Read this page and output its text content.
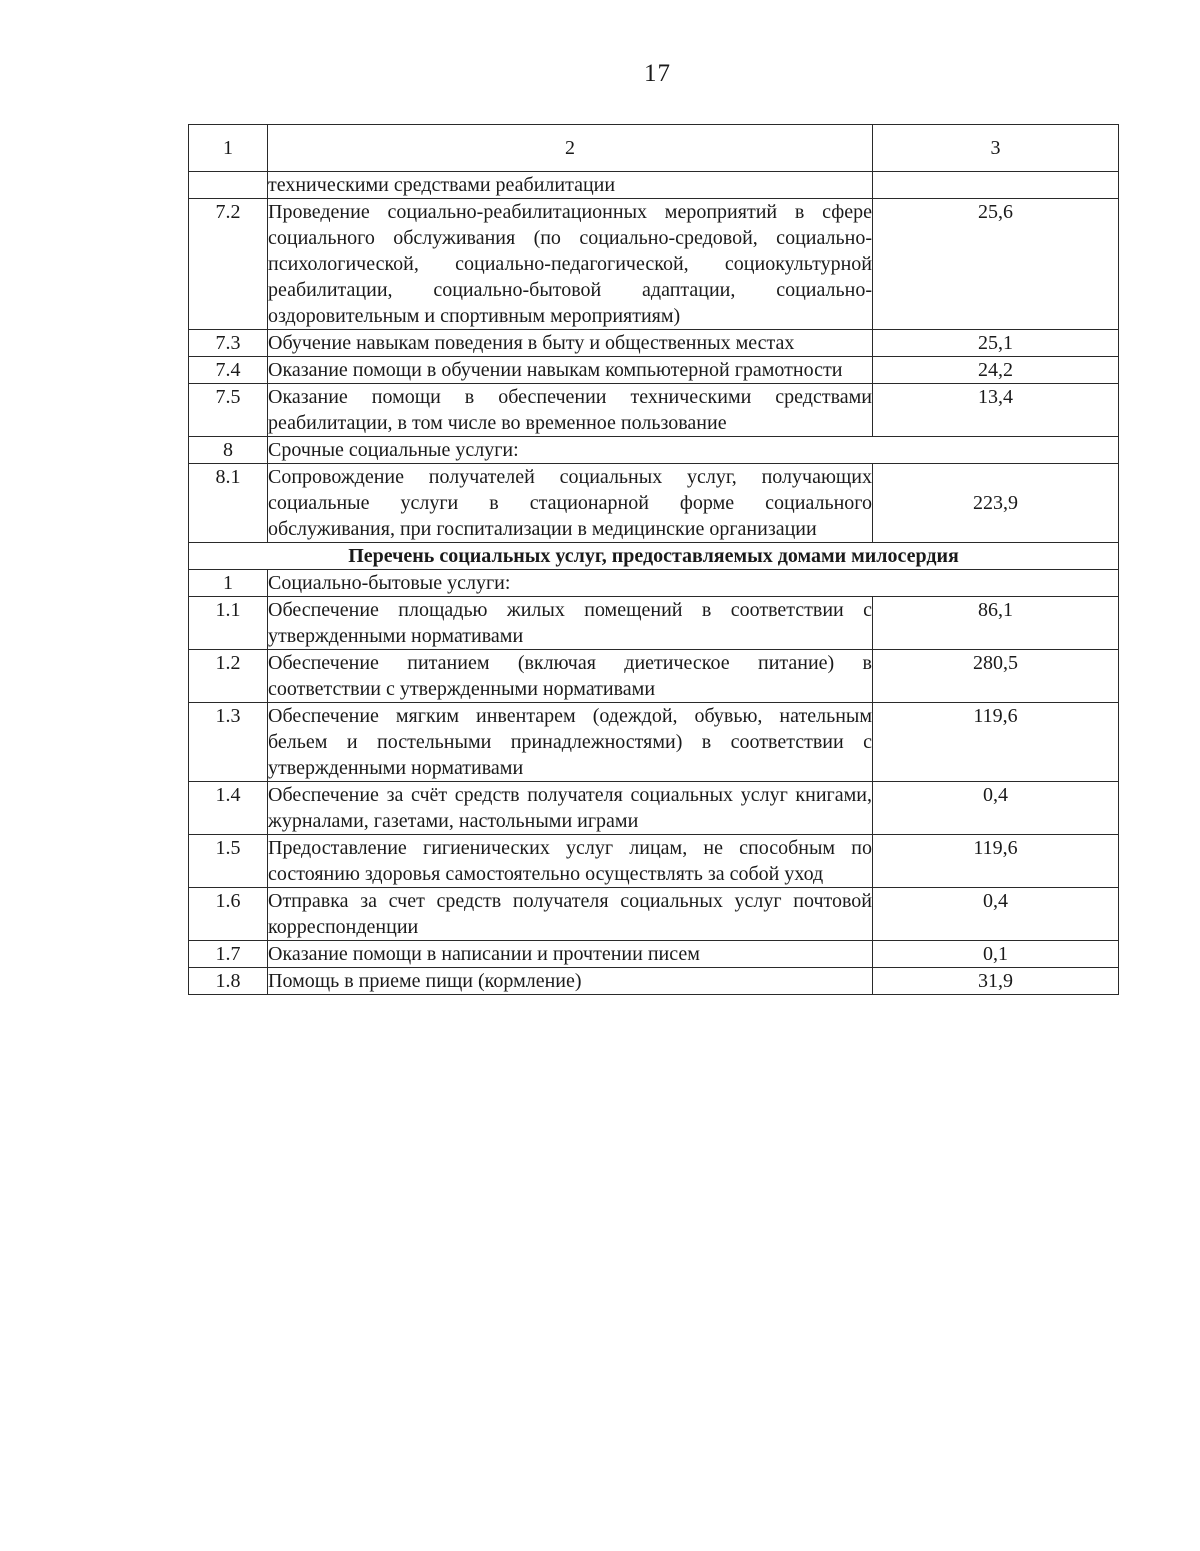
17
1	2	3
	техническими средствами реабилитации	
7.2	Проведение социально-реабилитационных мероприятий в сфере социального обслуживания (по социально-средовой, социально-психологической, социально-педагогической, социокультурной реабилитации, социально-бытовой адаптации, социально-оздоровительным и спортивным мероприятиям)	25,6
7.3	Обучение навыкам поведения в быту и общественных местах	25,1
7.4	Оказание помощи в обучении навыкам компьютерной грамотности	24,2
7.5	Оказание помощи в обеспечении техническими средствами реабилитации, в том числе во временное пользование	13,4
8	Срочные социальные услуги:	
8.1	Сопровождение получателей социальных услуг, получающих социальные услуги в стационарной форме социального обслуживания, при госпитализации в медицинские организации	223,9
Перечень социальных услуг, предоставляемых домами милосердия		
1	Социально-бытовые услуги:	
1.1	Обеспечение площадью жилых помещений в соответствии с утвержденными нормативами	86,1
1.2	Обеспечение питанием (включая диетическое питание) в соответствии с утвержденными нормативами	280,5
1.3	Обеспечение мягким инвентарем (одеждой, обувью, нательным бельем и постельными принадлежностями) в соответствии с утвержденными нормативами	119,6
1.4	Обеспечение за счёт средств получателя социальных услуг книгами, журналами, газетами, настольными играми	0,4
1.5	Предоставление гигиенических услуг лицам, не способным по состоянию здоровья самостоятельно осуществлять за собой уход	119,6
1.6	Отправка за счет средств получателя социальных услуг почтовой корреспонденции	0,4
1.7	Оказание помощи в написании и прочтении писем	0,1
1.8	Помощь в приеме пищи (кормление)	31,9
